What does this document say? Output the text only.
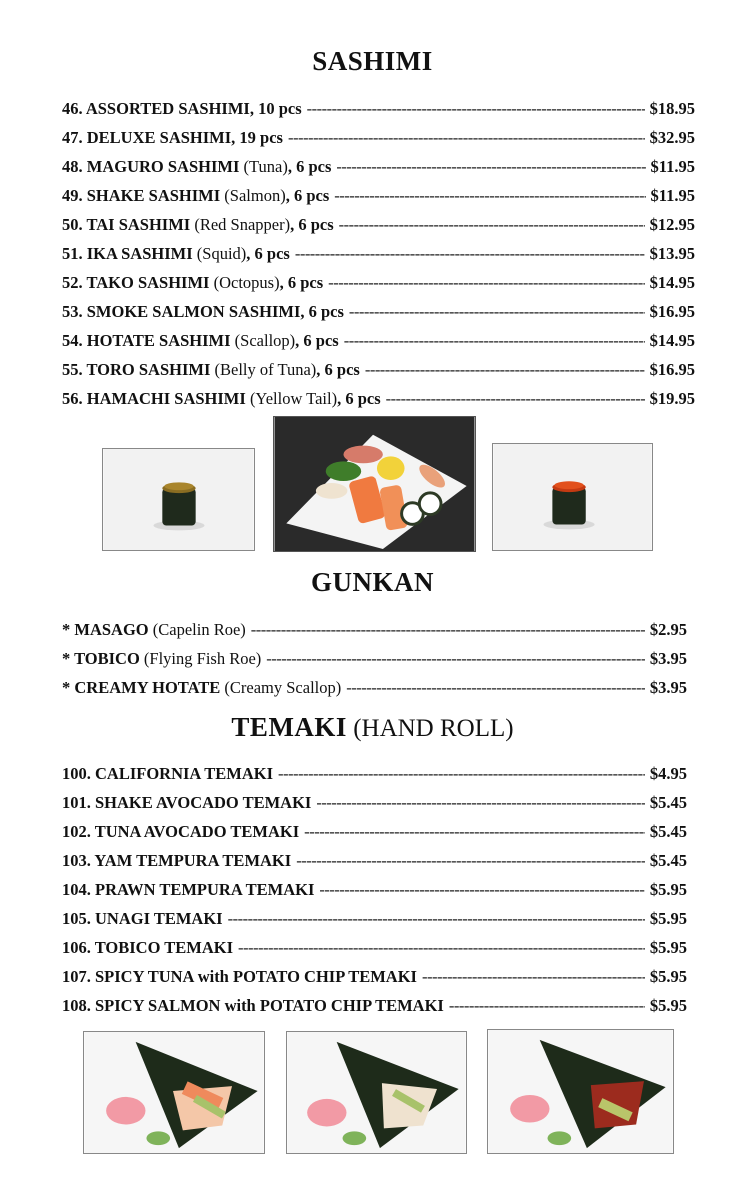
SASHIMI
46. ASSORTED SASHIMI, 10 pcs -----	$18.95
47. DELUXE SASHIMI, 19 pcs -----	$32.95
48. MAGURO SASHIMI (Tuna), 6 pcs -----	$11.95
49. SHAKE SASHIMI (Salmon), 6 pcs -----	$11.95
50. TAI SASHIMI (Red Snapper), 6 pcs -----	$12.95
51. IKA SASHIMI (Squid), 6 pcs -----	$13.95
52. TAKO SASHIMI (Octopus), 6 pcs -----	$14.95
53. SMOKE SALMON SASHIMI, 6 pcs -----	$16.95
54. HOTATE SASHIMI (Scallop), 6 pcs -----	$14.95
55. TORO SASHIMI (Belly of Tuna), 6 pcs -----	$16.95
56. HAMACHI SASHIMI (Yellow Tail), 6 pcs -----	$19.95
GUNKAN
* MASAGO (Capelin Roe) -----	$2.95
* TOBICO (Flying Fish Roe) -----	$3.95
* CREAMY HOTATE (Creamy Scallop) -----	$3.95
TEMAKI (HAND ROLL)
100. CALIFORNIA TEMAKI -----	$4.95
101. SHAKE AVOCADO TEMAKI -----	$5.45
102. TUNA AVOCADO TEMAKI -----	$5.45
103. YAM TEMPURA TEMAKI -----	$5.45
104. PRAWN TEMPURA TEMAKI -----	$5.95
105. UNAGI TEMAKI -----	$5.95
106. TOBICO TEMAKI -----	$5.95
107. SPICY TUNA with POTATO CHIP TEMAKI -----	$5.95
108. SPICY SALMON with POTATO CHIP TEMAKI -----	$5.95
